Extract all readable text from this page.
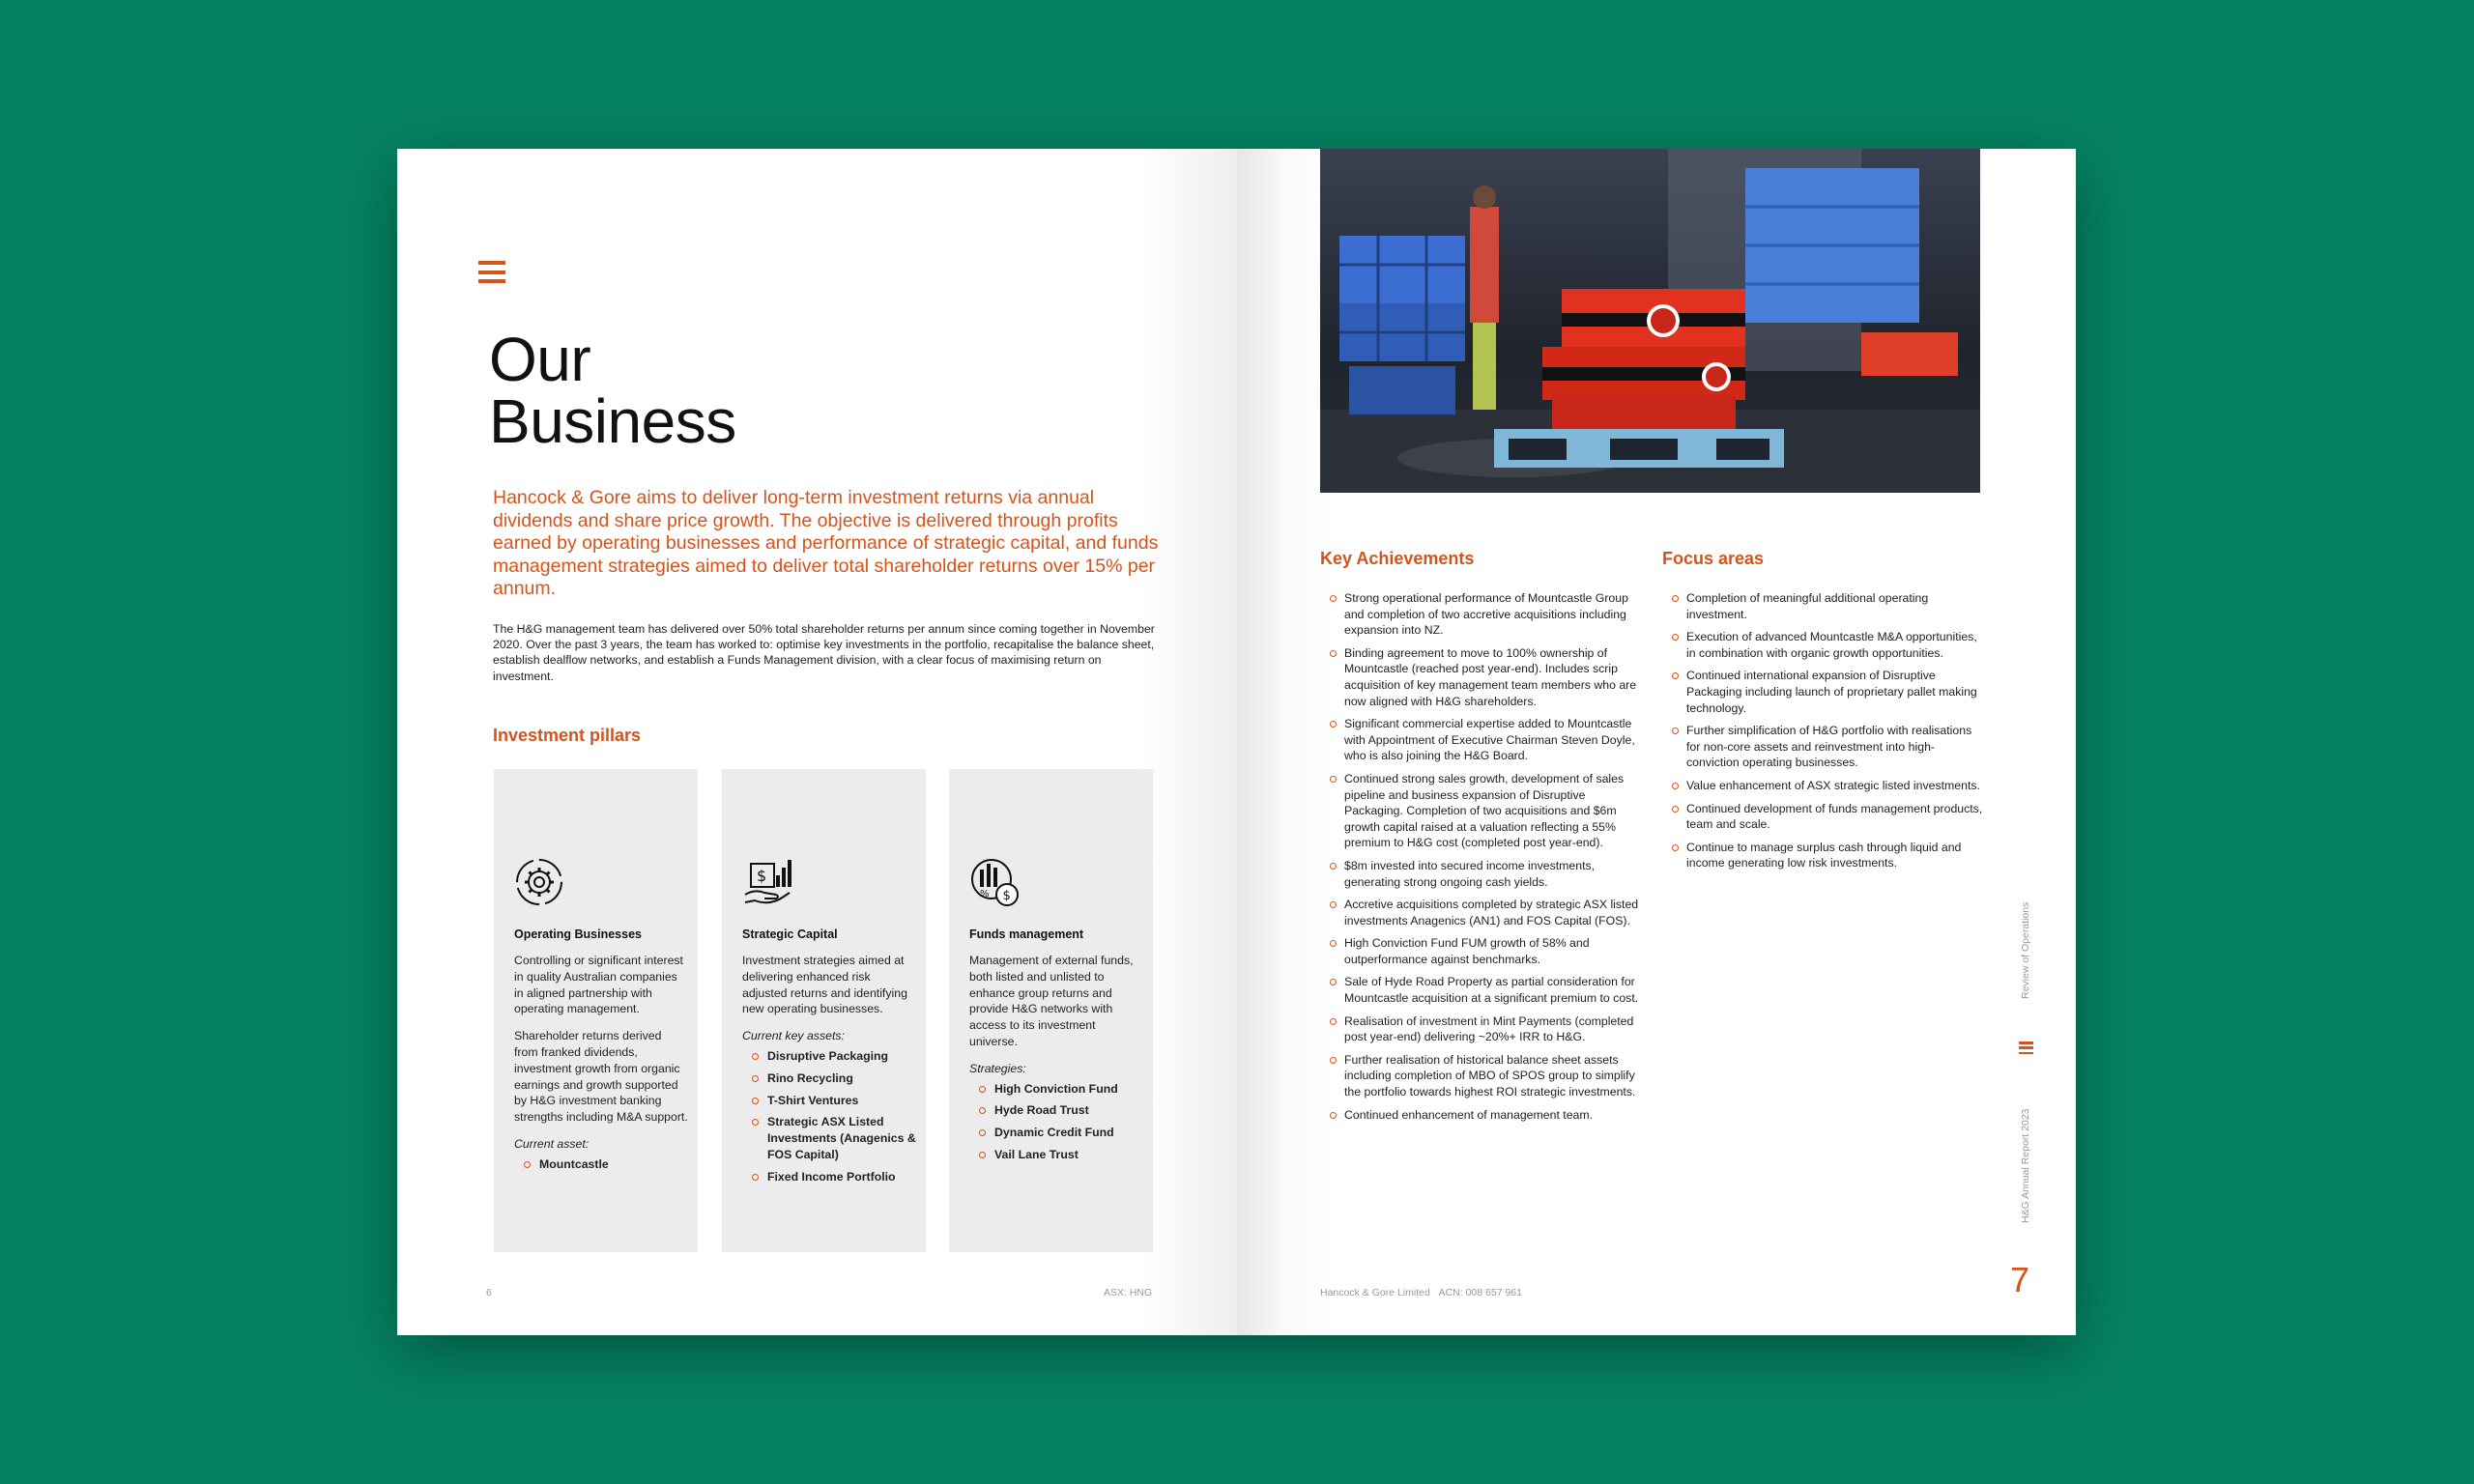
Our
Business

Hancock & Gore aims to deliver long-term investment returns via annual dividends and share price growth. The objective is delivered through profits earned by operating businesses and performance of strategic capital, and funds management strategies aimed to deliver total shareholder returns over 15% per annum.

The H&G management team has delivered over 50% total shareholder returns per annum since coming together in November 2020. Over the past 3 years, the team has worked to: optimise key investments in the portfolio, recapitalise the balance sheet, establish dealflow networks, and establish a Funds Management division, with a clear focus of maximising return on investment.

Investment pillars

Operating Businesses

Controlling or significant interest in quality Australian companies in aligned partnership with operating management.

Shareholder returns derived from franked dividends, investment growth from organic earnings and growth supported by H&G investment banking strengths including M&A support.

Current asset:

Mountcastle
$

Strategic Capital

Investment strategies aimed at delivering enhanced risk adjusted returns and identifying new operating businesses.

Current key assets:

Disruptive Packaging
Rino Recycling
T-Shirt Ventures
Strategic ASX Listed Investments (Anagenics & FOS Capital)
Fixed Income Portfolio
% $

Funds management

Management of external funds, both listed and unlisted to enhance group returns and provide H&G networks with access to its investment universe.

Strategies:

High Conviction Fund
Hyde Road Trust
Dynamic Credit Fund
Vail Lane Trust

6	ASX: HNG

Key Achievements
Strong operational performance of Mountcastle Group and completion of two accretive acquisitions including expansion into NZ.
Binding agreement to move to 100% ownership of Mountcastle (reached post year-end). Includes scrip acquisition of key management team members who are now aligned with H&G shareholders.
Significant commercial expertise added to Mountcastle with Appointment of Executive Chairman Steven Doyle, who is also joining the H&G Board.
Continued strong sales growth, development of sales pipeline and business expansion of Disruptive Packaging. Completion of two acquisitions and $6m growth capital raised at a valuation reflecting a 55% premium to H&G cost (completed post year-end).
$8m invested into secured income investments, generating strong ongoing cash yields.
Accretive acquisitions completed by strategic ASX listed investments Anagenics (AN1) and FOS Capital (FOS).
High Conviction Fund FUM growth of 58% and outperformance against benchmarks.
Sale of Hyde Road Property as partial consideration for Mountcastle acquisition at a significant premium to cost.
Realisation of investment in Mint Payments (completed post year-end) delivering ~20%+ IRR to H&G.
Further realisation of historical balance sheet assets including completion of MBO of SPOS group to simplify the portfolio towards highest ROI strategic investments.
Continued enhancement of management team.
Focus areas
Completion of meaningful additional operating investment.
Execution of advanced Mountcastle M&A opportunities, in combination with organic growth opportunities.
Continued international expansion of Disruptive Packaging including launch of proprietary pallet making technology.
Further simplification of H&G portfolio with realisations for non-core assets and reinvestment into high-conviction operating businesses.
Value enhancement of ASX strategic listed investments.
Continued development of funds management products, team and scale.
Continue to manage surplus cash through liquid and income generating low risk investments.

Review of Operations

H&G Annual Report 2023

Hancock & Gore Limited ACN: 008 657 961	7
